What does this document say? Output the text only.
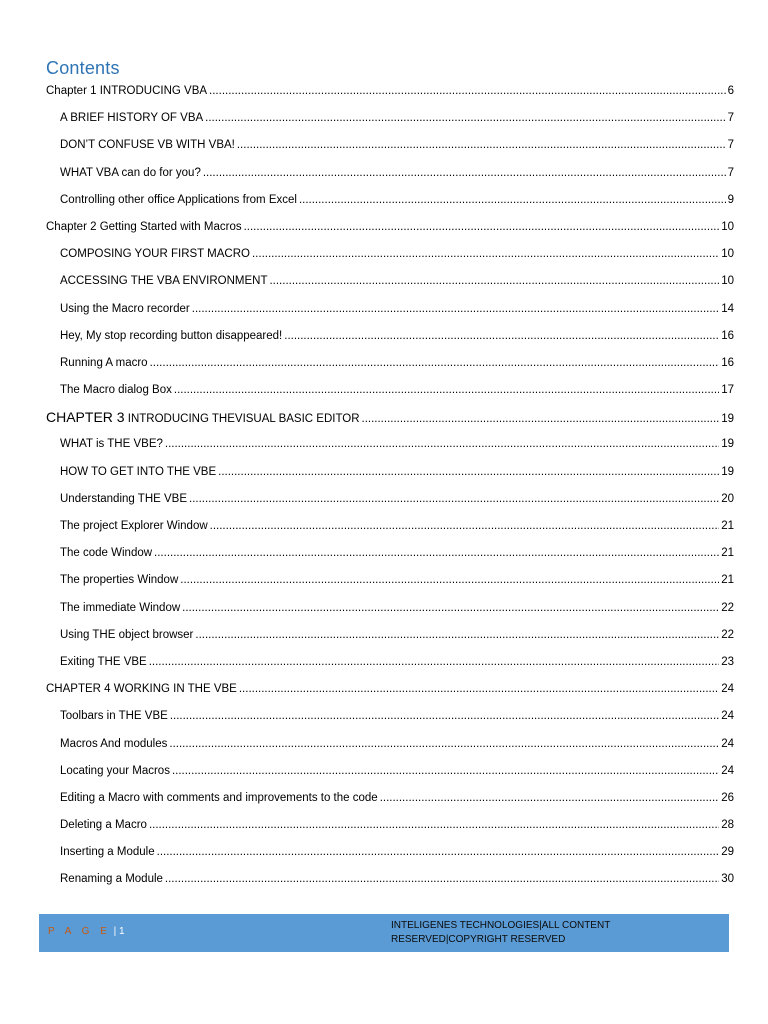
Contents
Chapter 1 INTRODUCING VBA .....	6
A BRIEF HISTORY OF VBA .....	7
DON’T CONFUSE VB WITH VBA! .....	7
WHAT VBA can do for you? .....	7
Controlling other office Applications from Excel .....	9
Chapter 2 Getting Started with Macros .....	10
COMPOSING YOUR FIRST MACRO .....	10
ACCESSING THE VBA ENVIRONMENT .....	10
Using the Macro recorder .....	14
Hey, My stop recording button disappeared! .....	16
Running A macro .....	16
The Macro dialog Box .....	17
CHAPTER 3 INTRODUCING THEVISUAL BASIC EDITOR .....	19
WHAT is THE VBE? .....	19
HOW TO GET INTO THE VBE .....	19
Understanding THE VBE .....	20
The project Explorer Window .....	21
The code Window .....	21
The properties Window .....	21
The immediate Window .....	22
Using THE object browser .....	22
Exiting THE VBE .....	23
CHAPTER 4 WORKING IN THE VBE .....	24
Toolbars in THE VBE .....	24
Macros And modules .....	24
Locating your Macros .....	24
Editing a Macro with comments and improvements to the code .....	26
Deleting a Macro .....	28
Inserting a Module .....	29
Renaming a Module .....	30
P A G E | 1
INTELIGENES TECHNOLOGIES|ALL CONTENT RESERVED|COPYRIGHT RESERVED
